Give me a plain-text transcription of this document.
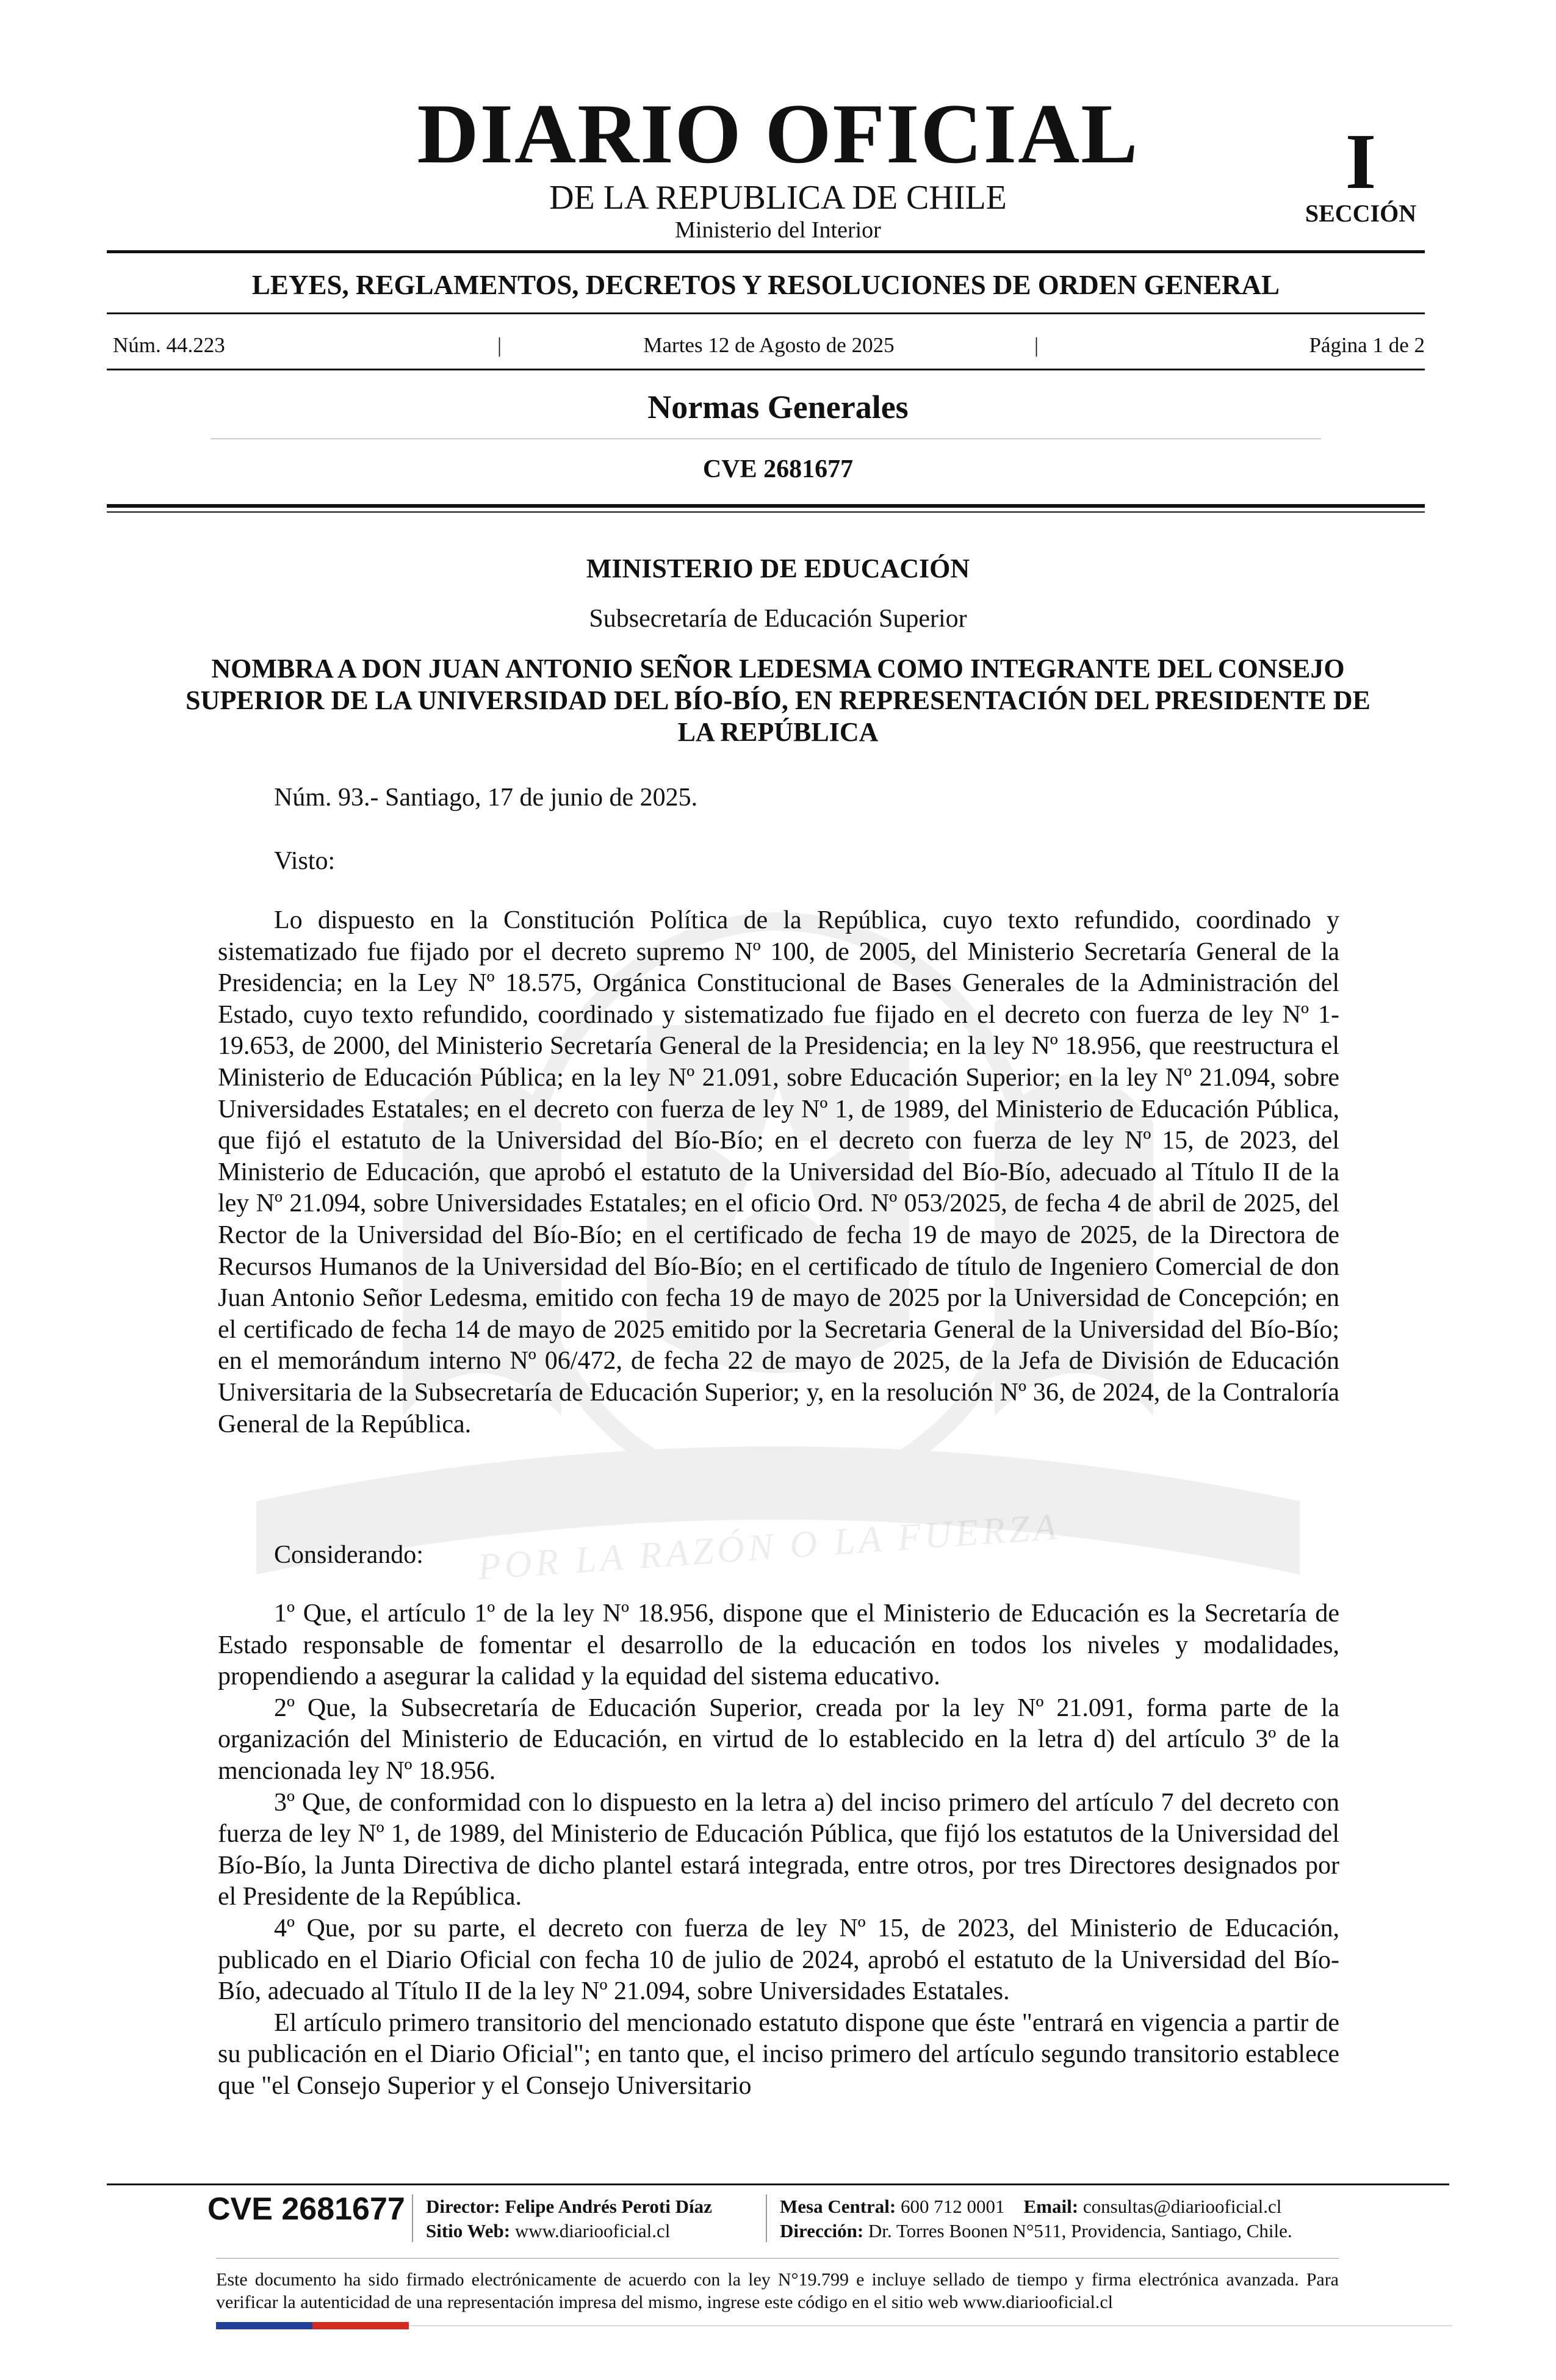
POR LA RAZÓN O LA FUERZA
DIARIO OFICIAL
DE LA REPUBLICA DE CHILE
Ministerio del Interior
I
SECCIÓN
LEYES, REGLAMENTOS, DECRETOS Y RESOLUCIONES DE ORDEN GENERAL
Núm. 44.223	|	Martes 12 de Agosto de 2025	|	Página 1 de 2
Normas Generales
CVE 2681677
MINISTERIO DE EDUCACIÓN
Subsecretaría de Educación Superior
NOMBRA A DON JUAN ANTONIO SEÑOR LEDESMA COMO INTEGRANTE DEL CONSEJO SUPERIOR DE LA UNIVERSIDAD DEL BÍO-BÍO, EN REPRESENTACIÓN DEL PRESIDENTE DE LA REPÚBLICA
Núm. 93.- Santiago, 17 de junio de 2025.
Visto:

Lo dispuesto en la Constitución Política de la República, cuyo texto refundido, coordinado y sistematizado fue fijado por el decreto supremo Nº 100, de 2005, del Ministerio Secretaría General de la Presidencia; en la Ley Nº 18.575, Orgánica Constitucional de Bases Generales de la Administración del Estado, cuyo texto refundido, coordinado y sistematizado fue fijado en el decreto con fuerza de ley Nº 1-19.653, de 2000, del Ministerio Secretaría General de la Presidencia; en la ley Nº 18.956, que reestructura el Ministerio de Educación Pública; en la ley Nº 21.091, sobre Educación Superior; en la ley Nº 21.094, sobre Universidades Estatales; en el decreto con fuerza de ley Nº 1, de 1989, del Ministerio de Educación Pública, que fijó el estatuto de la Universidad del Bío-Bío; en el decreto con fuerza de ley Nº 15, de 2023, del Ministerio de Educación, que aprobó el estatuto de la Universidad del Bío-Bío, adecuado al Título II de la ley Nº 21.094, sobre Universidades Estatales; en el oficio Ord. Nº 053/2025, de fecha 4 de abril de 2025, del Rector de la Universidad del Bío-Bío; en el certificado de fecha 19 de mayo de 2025, de la Directora de Recursos Humanos de la Universidad del Bío-Bío; en el certificado de título de Ingeniero Comercial de don Juan Antonio Señor Ledesma, emitido con fecha 19 de mayo de 2025 por la Universidad de Concepción; en el certificado de fecha 14 de mayo de 2025 emitido por la Secretaria General de la Universidad del Bío-Bío; en el memorándum interno Nº 06/472, de fecha 22 de mayo de 2025, de la Jefa de División de Educación Universitaria de la Subsecretaría de Educación Superior; y, en la resolución Nº 36, de 2024, de la Contraloría General de la República.

Considerando:

1º Que, el artículo 1º de la ley Nº 18.956, dispone que el Ministerio de Educación es la Secretaría de Estado responsable de fomentar el desarrollo de la educación en todos los niveles y modalidades, propendiendo a asegurar la calidad y la equidad del sistema educativo.

2º Que, la Subsecretaría de Educación Superior, creada por la ley Nº 21.091, forma parte de la organización del Ministerio de Educación, en virtud de lo establecido en la letra d) del artículo 3º de la mencionada ley Nº 18.956.

3º Que, de conformidad con lo dispuesto en la letra a) del inciso primero del artículo 7 del decreto con fuerza de ley Nº 1, de 1989, del Ministerio de Educación Pública, que fijó los estatutos de la Universidad del Bío-Bío, la Junta Directiva de dicho plantel estará integrada, entre otros, por tres Directores designados por el Presidente de la República.

4º Que, por su parte, el decreto con fuerza de ley Nº 15, de 2023, del Ministerio de Educación, publicado en el Diario Oficial con fecha 10 de julio de 2024, aprobó el estatuto de la Universidad del Bío-Bío, adecuado al Título II de la ley Nº 21.094, sobre Universidades Estatales.

El artículo primero transitorio del mencionado estatuto dispone que éste "entrará en vigencia a partir de su publicación en el Diario Oficial"; en tanto que, el inciso primero del artículo segundo transitorio establece que "el Consejo Superior y el Consejo Universitario

CVE 2681677 Director: Felipe Andrés Peroti Díaz
Sitio Web: www.diariooficial.cl
Mesa Central: 600 712 0001 Email: consultas@diariooficial.cl
Dirección: Dr. Torres Boonen N°511, Providencia, Santiago, Chile.
Este documento ha sido firmado electrónicamente de acuerdo con la ley N°19.799 e incluye sellado de tiempo y firma electrónica avanzada. Para verificar la autenticidad de una representación impresa del mismo, ingrese este código en el sitio web www.diariooficial.cl
